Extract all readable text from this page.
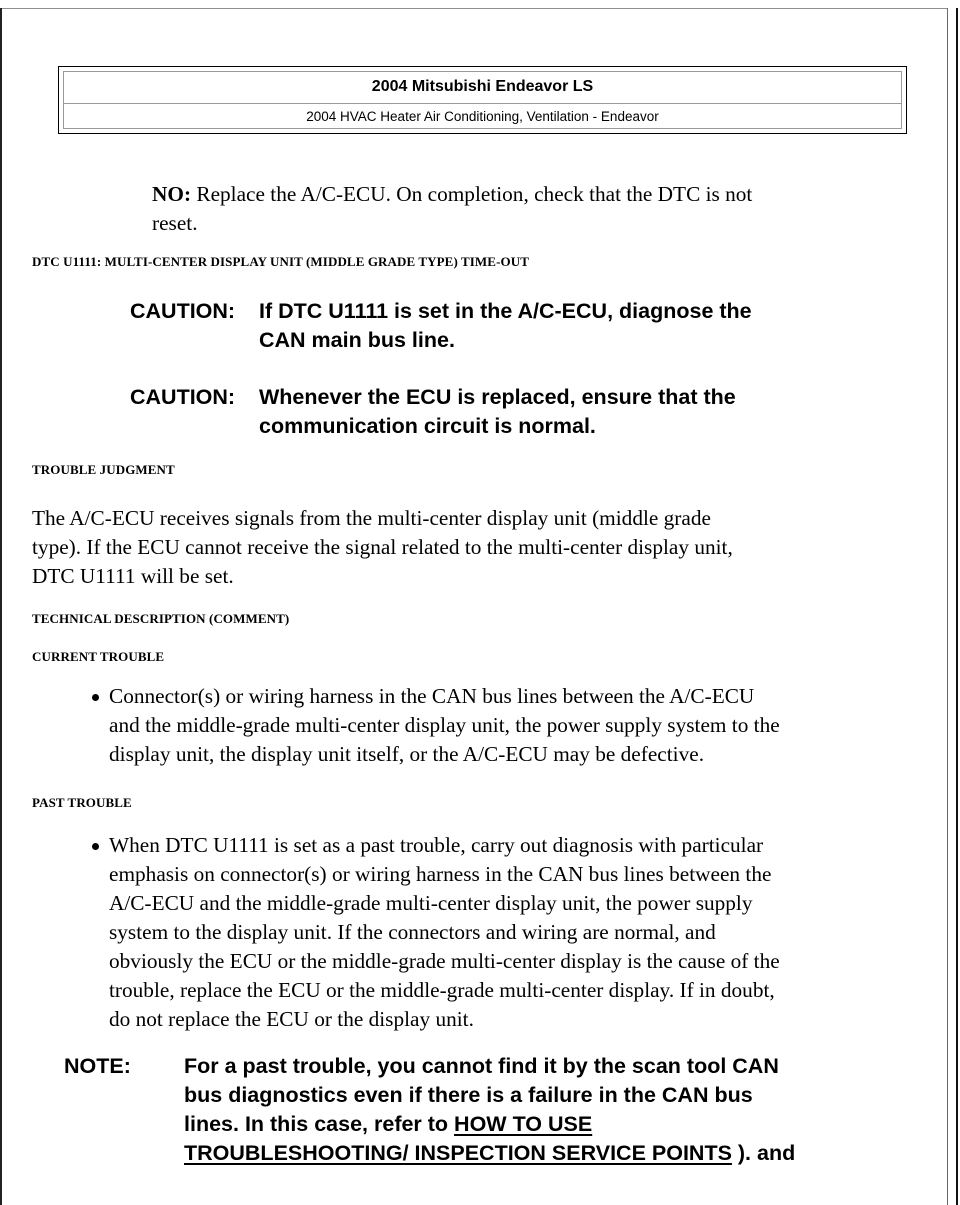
2004 Mitsubishi Endeavor LS
2004 HVAC Heater Air Conditioning, Ventilation - Endeavor
NO: Replace the A/C-ECU. On completion, check that the DTC is not
reset.
DTC U1111: MULTI-CENTER DISPLAY UNIT (MIDDLE GRADE TYPE) TIME-OUT
CAUTION: If DTC U1111 is set in the A/C-ECU, diagnose the
CAN main bus line.
CAUTION: Whenever the ECU is replaced, ensure that the
communication circuit is normal.
TROUBLE JUDGMENT
The A/C-ECU receives signals from the multi-center display unit (middle grade
type). If the ECU cannot receive the signal related to the multi-center display unit,
DTC U1111 will be set.
TECHNICAL DESCRIPTION (COMMENT)
CURRENT TROUBLE
Connector(s) or wiring harness in the CAN bus lines between the A/C-ECU
and the middle-grade multi-center display unit, the power supply system to the
display unit, the display unit itself, or the A/C-ECU may be defective.
PAST TROUBLE
When DTC U1111 is set as a past trouble, carry out diagnosis with particular
emphasis on connector(s) or wiring harness in the CAN bus lines between the
A/C-ECU and the middle-grade multi-center display unit, the power supply
system to the display unit. If the connectors and wiring are normal, and
obviously the ECU or the middle-grade multi-center display is the cause of the
trouble, replace the ECU or the middle-grade multi-center display. If in doubt,
do not replace the ECU or the display unit.
NOTE: For a past trouble, you cannot find it by the scan tool CAN
bus diagnostics even if there is a failure in the CAN bus
lines. In this case, refer to HOW TO USE
TROUBLESHOOTING/ INSPECTION SERVICE POINTS ). and
